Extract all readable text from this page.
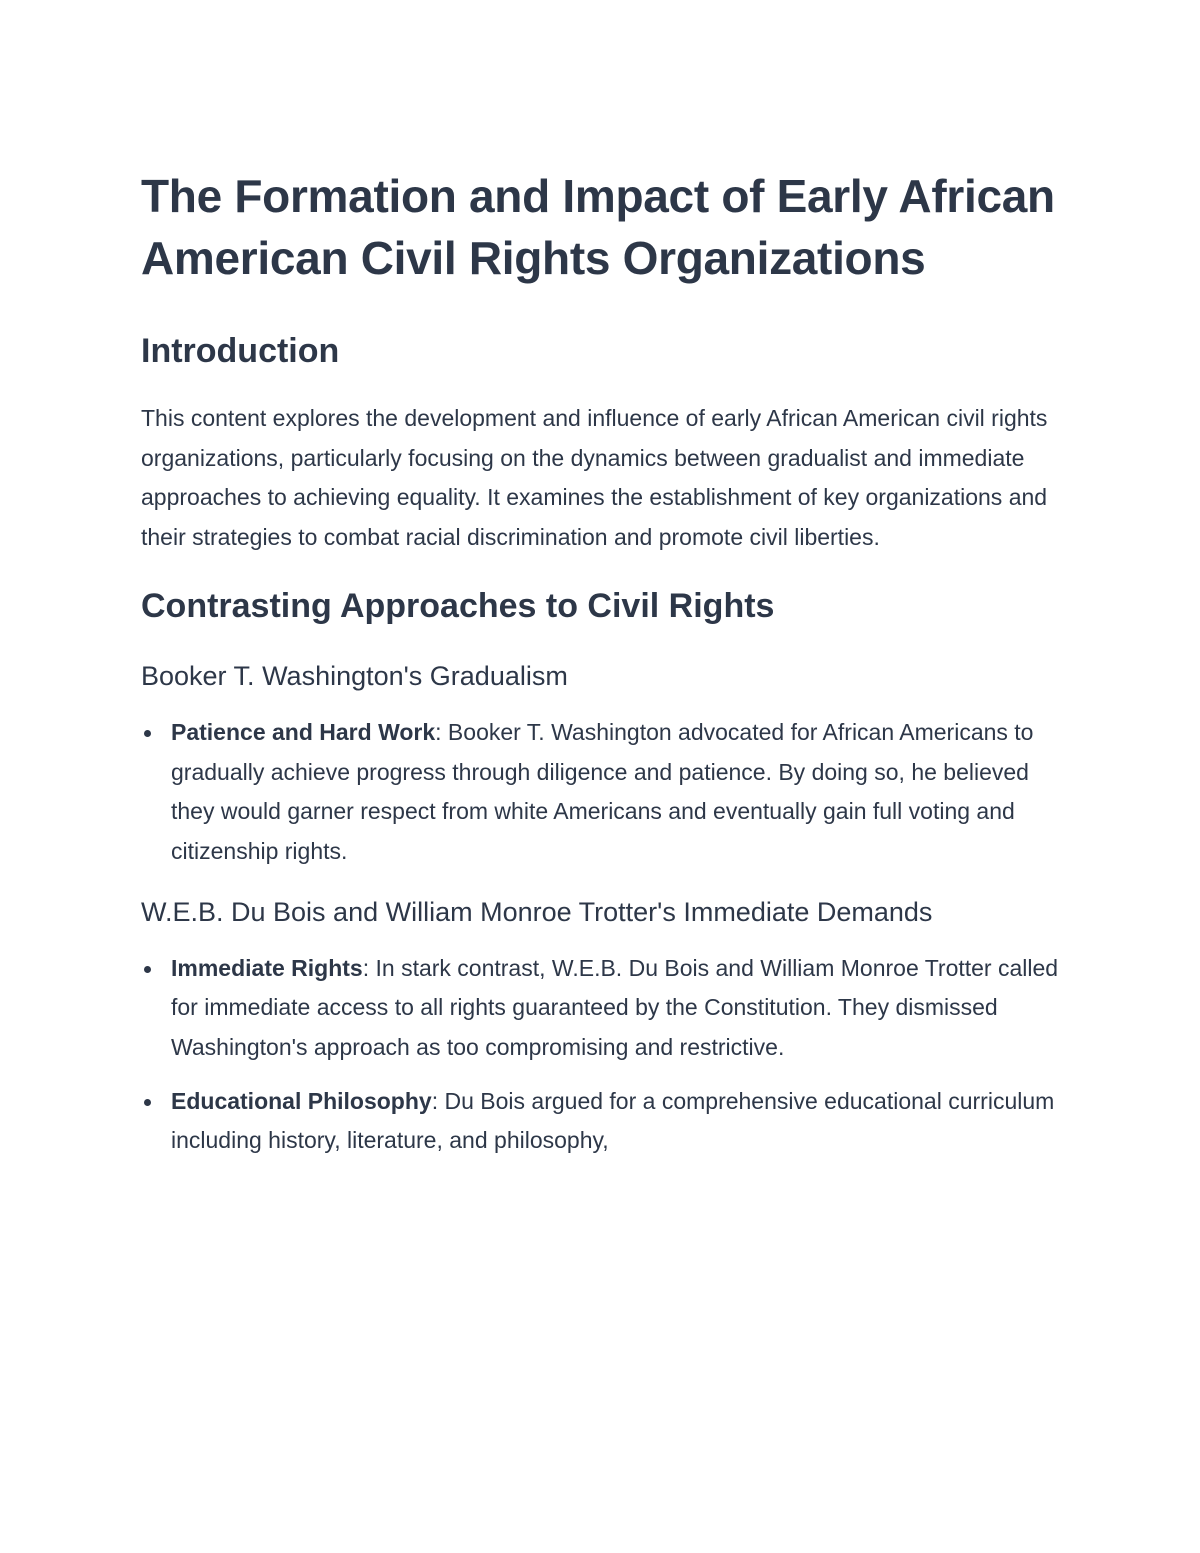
The Formation and Impact of Early African American Civil Rights Organizations
Introduction

This content explores the development and influence of early African American civil rights organizations, particularly focusing on the dynamics between gradualist and immediate approaches to achieving equality. It examines the establishment of key organizations and their strategies to combat racial discrimination and promote civil liberties.

Contrasting Approaches to Civil Rights
Booker T. Washington's Gradualism
Patience and Hard Work: Booker T. Washington advocated for African Americans to gradually achieve progress through diligence and patience. By doing so, he believed they would garner respect from white Americans and eventually gain full voting and citizenship rights.
W.E.B. Du Bois and William Monroe Trotter's Immediate Demands
Immediate Rights: In stark contrast, W.E.B. Du Bois and William Monroe Trotter called for immediate access to all rights guaranteed by the Constitution. They dismissed Washington's approach as too compromising and restrictive.
Educational Philosophy: Du Bois argued for a comprehensive educational curriculum including history, literature, and philosophy,
